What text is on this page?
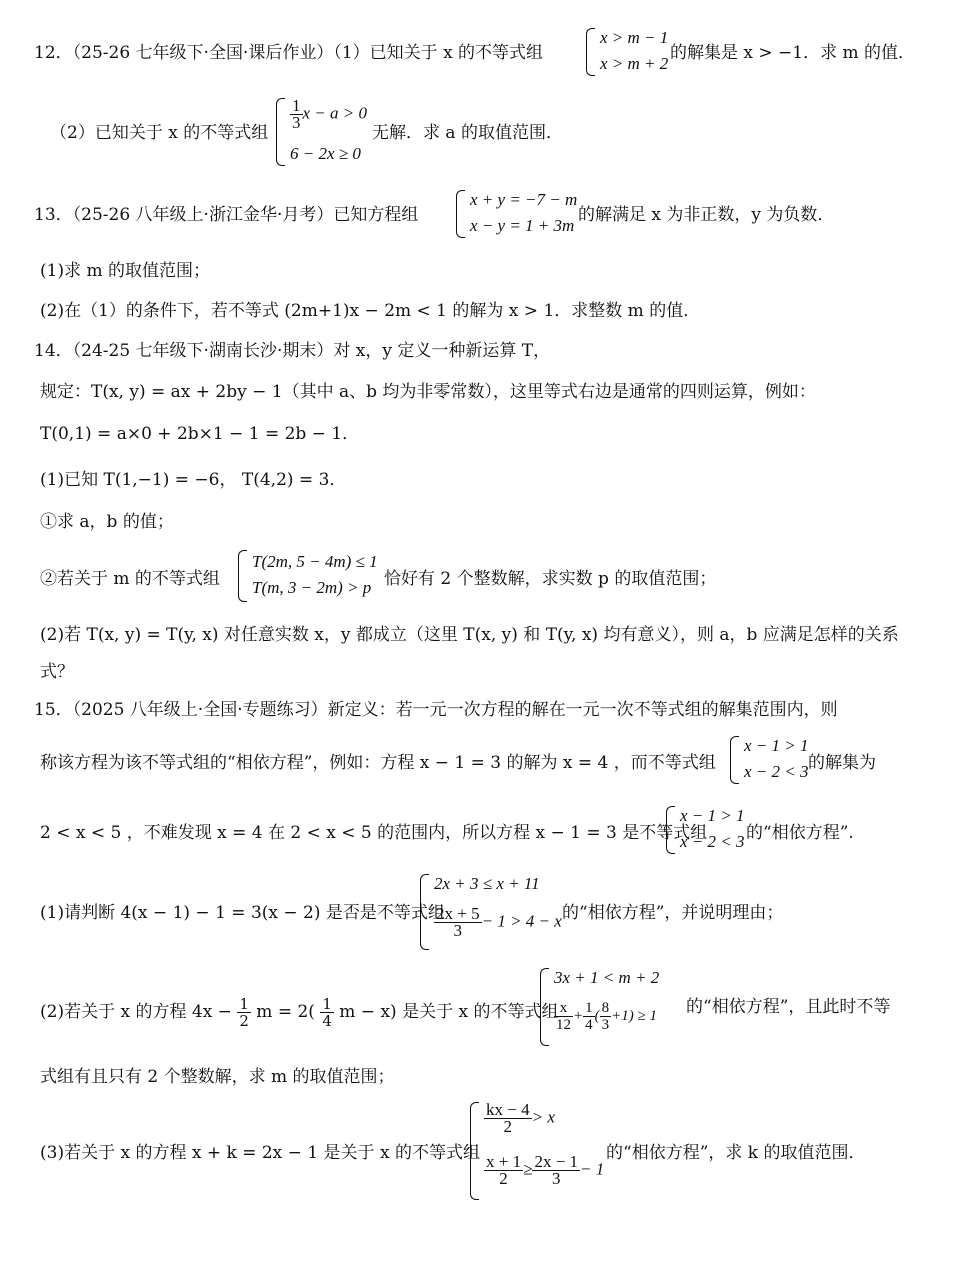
12．（25-26 七年级下·全国·课后作业）（1）已知关于 x 的不等式组
x > m − 1
x > m + 2
的解集是 x > −1．求 m 的值．
（2）已知关于 x 的不等式组
$\frac{1}{3}$ x − a > 0
6 − 2x ≥ 0
无解．求 a 的取值范围．
13．（25-26 八年级上·浙江金华·月考）已知方程组
x + y = −7 − m
x − y = 1 + 3m
的解满足 x 为非正数，y 为负数．
(1)求 m 的取值范围；
(2)在（1）的条件下，若不等式 (2m+1)x − 2m < 1 的解为 x > 1．求整数 m 的值．
14．（24-25 七年级下·湖南长沙·期末）对 x，y 定义一种新运算 T，
规定：T(x, y) = ax + 2by − 1（其中 a、b 均为非零常数），这里等式右边是通常的四则运算，例如：
T(0,1) = a×0 + 2b×1 − 1 = 2b − 1．
(1)已知 T(1,−1) = −6， T(4,2) = 3．
①求 a，b 的值；
②若关于 m 的不等式组
T(2m, 5 − 4m) ≤ 1
T(m, 3 − 2m) > p 恰好有 2 个整数解，求实数 p 的取值范围；
(2)若 T(x, y) = T(y, x) 对任意实数 x，y 都成立（这里 T(x, y) 和 T(y, x) 均有意义），则 a，b 应满足怎样的关系
式？
15．（2025 八年级上·全国·专题练习）新定义：若一元一次方程的解在一元一次不等式组的解集范围内，则
称该方程为该不等式组的“相依方程”，例如：方程 x − 1 = 3 的解为 x = 4 ，而不等式组
x − 1 > 1
x − 2 < 3 的解集为
2 < x < 5 ，不难发现 x = 4 在 2 < x < 5 的范围内，所以方程 x − 1 = 3 是不等式组
x − 1 > 1
x − 2 < 3 的“相依方程”.
(1)请判断 4(x − 1) − 1 = 3(x − 2) 是否是不等式组
2x + 3 ≤ x + 11
$\frac{2x + 5}{3} - 1 > 4 - x$ 的“相依方程”，并说明理由；
(2)若关于 x 的方程 $4x - \frac{1}{2}$ $m = 2( \frac{1}{4}$ m − x) 是关于 x 的不等式组
3x + 1 < m + 2
$\frac{x}{12} + \frac{1}{4}$ ( $\frac{8}{3} +1) \ge 1$ 的“相依方程”，且此时不等
式组有且只有 2 个整数解，求 m 的取值范围；
(3)若关于 x 的方程 x + k = 2x − 1 是关于 x 的不等式组
$\frac{kx - 4}{2} > x$
$\frac{x + 1}{2} \ge \frac{2x - 1}{3} - 1$
的“相依方程”，求 k 的取值范围．
